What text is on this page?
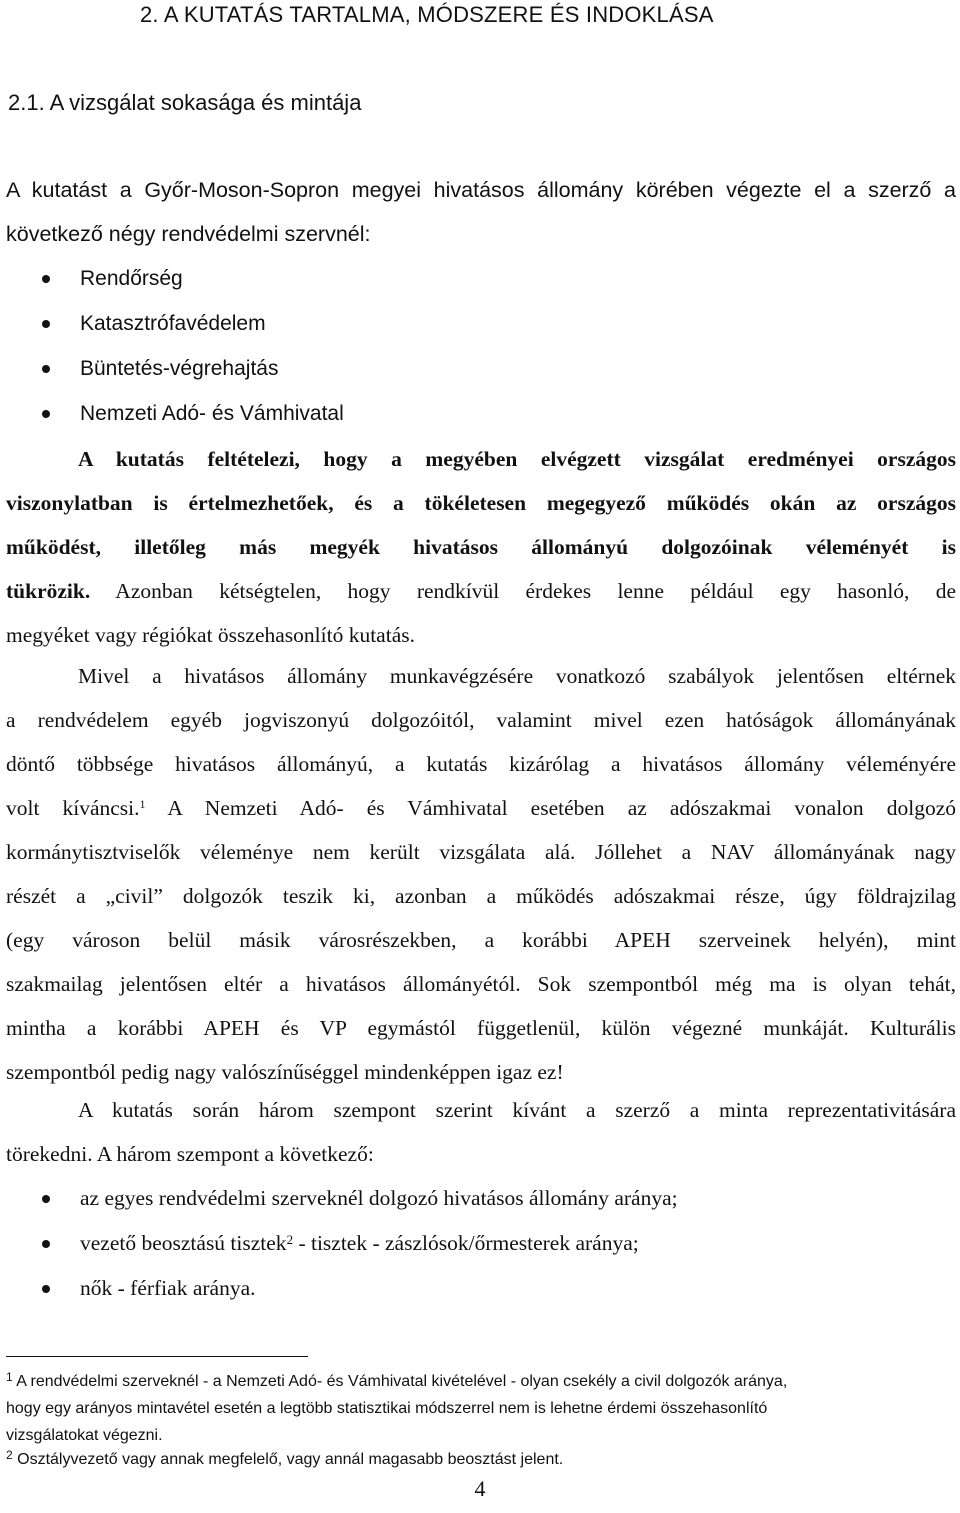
2. A KUTATÁS TARTALMA, MÓDSZERE ÉS INDOKLÁSA
2.1. A vizsgálat sokasága és mintája
A kutatást a Győr-Moson-Sopron megyei hivatásos állomány körében végezte el a szerző a
következő négy rendvédelmi szervnél:
Rendőrség
Katasztrófavédelem
Büntetés-végrehajtás
Nemzeti Adó- és Vámhivatal
A kutatás feltételezi, hogy a megyében elvégzett vizsgálat eredményei országos
viszonylatban is értelmezhetőek, és a tökéletesen megegyező működés okán az országos
működést, illetőleg más megyék hivatásos állományú dolgozóinak véleményét is
tükrözik. Azonban kétségtelen, hogy rendkívül érdekes lenne például egy hasonló, de
megyéket vagy régiókat összehasonlító kutatás.
Mivel a hivatásos állomány munkavégzésére vonatkozó szabályok jelentősen eltérnek
a rendvédelem egyéb jogviszonyú dolgozóitól, valamint mivel ezen hatóságok állományának
döntő többsége hivatásos állományú, a kutatás kizárólag a hivatásos állomány véleményére
volt kíváncsi.$^1$ A Nemzeti Adó- és Vámhivatal esetében az adószakmai vonalon dolgozó
kormánytisztviselők véleménye nem került vizsgálata alá. Jóllehet a NAV állományának nagy
részét a „civil” dolgozók teszik ki, azonban a működés adószakmai része, úgy földrajzilag
(egy városon belül másik városrészekben, a korábbi APEH szerveinek helyén), mint
szakmailag jelentősen eltér a hivatásos állományétól. Sok szempontból még ma is olyan tehát,
mintha a korábbi APEH és VP egymástól függetlenül, külön végezné munkáját. Kulturális
szempontból pedig nagy valószínűséggel mindenképpen igaz ez!
A kutatás során három szempont szerint kívánt a szerző a minta reprezentativitására
törekedni. A három szempont a következő:
az egyes rendvédelmi szerveknél dolgozó hivatásos állomány aránya;
vezető beosztású tisztek$^2$ - tisztek - zászlósok/őrmesterek aránya;
nők - férfiak aránya.
$^1$ A rendvédelmi szerveknél - a Nemzeti Adó- és Vámhivatal kivételével - olyan csekély a civil dolgozók aránya,
hogy egy arányos mintavétel esetén a legtöbb statisztikai módszerrel nem is lehetne érdemi összehasonlító
vizsgálatokat végezni.
$^2$ Osztályvezető vagy annak megfelelő, vagy annál magasabb beosztást jelent.
4
